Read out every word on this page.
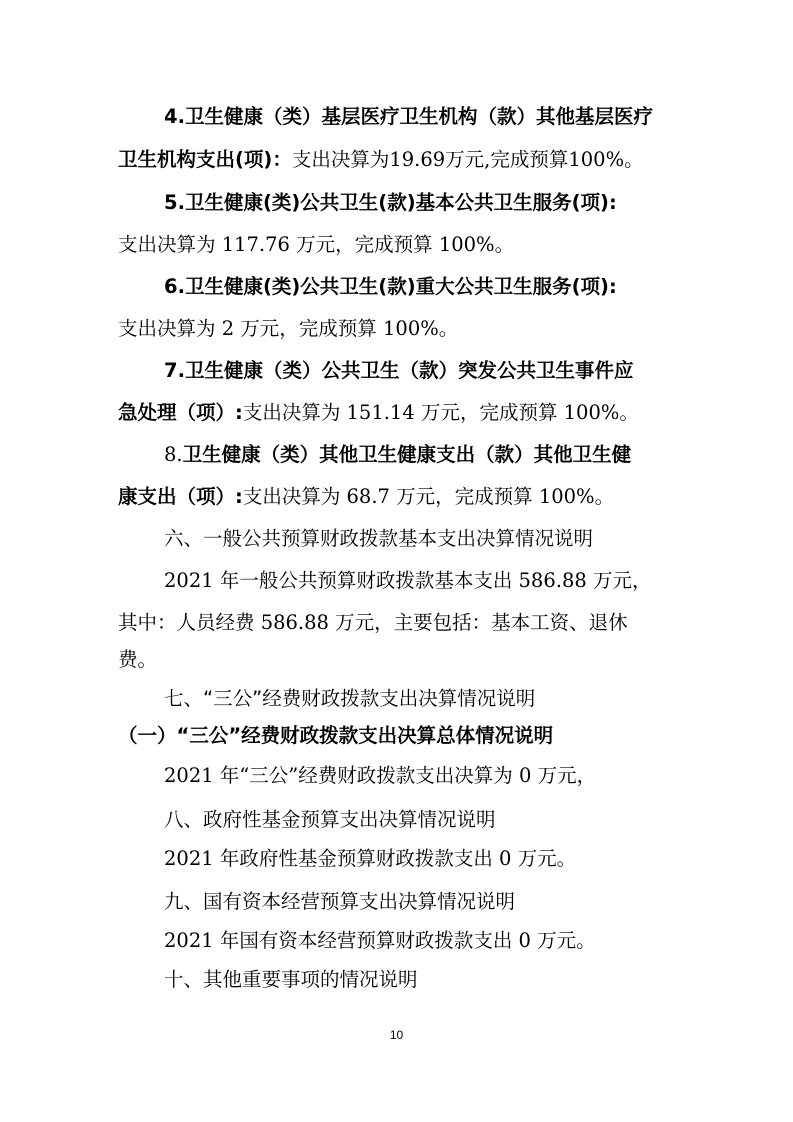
4.卫生健康（类）基层医疗卫生机构（款）其他基层医疗
卫生机构支出(项)：支出决算为19.69万元,完成预算100%。
5.卫生健康(类)公共卫生(款)基本公共卫生服务(项):
支出决算为 117.76 万元，完成预算 100%。
6.卫生健康(类)公共卫生(款)重大公共卫生服务(项):
支出决算为 2 万元，完成预算 100%。
7.卫生健康（类）公共卫生（款）突发公共卫生事件应
急处理（项）:支出决算为 151.14 万元，完成预算 100%。
8.卫生健康（类）其他卫生健康支出（款）其他卫生健
康支出（项）:支出决算为 68.7 万元，完成预算 100%。
六、一般公共预算财政拨款基本支出决算情况说明
2021 年一般公共预算财政拨款基本支出 586.88 万元，
其中：人员经费 586.88 万元，主要包括：基本工资、退休
费。
七、“三公”经费财政拨款支出决算情况说明
（一）“三公”经费财政拨款支出决算总体情况说明
2021 年“三公”经费财政拨款支出决算为 0 万元，
八、政府性基金预算支出决算情况说明
2021 年政府性基金预算财政拨款支出 0 万元。
九、国有资本经营预算支出决算情况说明
2021 年国有资本经营预算财政拨款支出 0 万元。
十、其他重要事项的情况说明
10
